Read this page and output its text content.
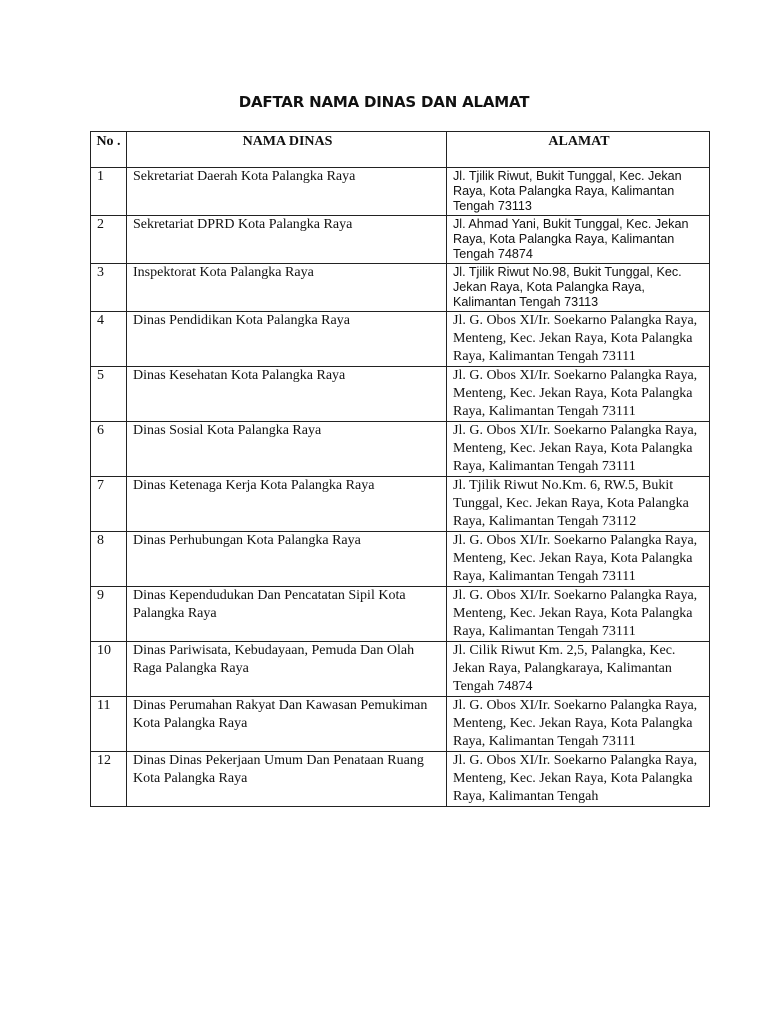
DAFTAR NAMA DINAS DAN ALAMAT
No .	NAMA DINAS	ALAMAT
1	Sekretariat Daerah Kota Palangka Raya	Jl. Tjilik Riwut, Bukit Tunggal, Kec. Jekan Raya, Kota Palangka Raya, Kalimantan Tengah 73113
2	Sekretariat DPRD Kota Palangka Raya	Jl. Ahmad Yani, Bukit Tunggal, Kec. Jekan Raya, Kota Palangka Raya, Kalimantan Tengah 74874
3	Inspektorat Kota Palangka Raya	Jl. Tjilik Riwut No.98, Bukit Tunggal, Kec. Jekan Raya, Kota Palangka Raya, Kalimantan Tengah 73113
4	Dinas Pendidikan Kota Palangka Raya	Jl. G. Obos XI/Ir. Soekarno Palangka Raya, Menteng, Kec. Jekan Raya, Kota Palangka Raya, Kalimantan Tengah 73111
5	Dinas Kesehatan Kota Palangka Raya	Jl. G. Obos XI/Ir. Soekarno Palangka Raya, Menteng, Kec. Jekan Raya, Kota Palangka Raya, Kalimantan Tengah 73111
6	Dinas Sosial Kota Palangka Raya	Jl. G. Obos XI/Ir. Soekarno Palangka Raya, Menteng, Kec. Jekan Raya, Kota Palangka Raya, Kalimantan Tengah 73111
7	Dinas Ketenaga Kerja Kota Palangka Raya	Jl. Tjilik Riwut No.Km. 6, RW.5, Bukit Tunggal, Kec. Jekan Raya, Kota Palangka Raya, Kalimantan Tengah 73112
8	Dinas Perhubungan Kota Palangka Raya	Jl. G. Obos XI/Ir. Soekarno Palangka Raya, Menteng, Kec. Jekan Raya, Kota Palangka Raya, Kalimantan Tengah 73111
9	Dinas Kependudukan Dan Pencatatan Sipil Kota Palangka Raya	Jl. G. Obos XI/Ir. Soekarno Palangka Raya, Menteng, Kec. Jekan Raya, Kota Palangka Raya, Kalimantan Tengah 73111
10	Dinas Pariwisata, Kebudayaan, Pemuda Dan Olah Raga Palangka Raya	Jl. Cilik Riwut Km. 2,5, Palangka, Kec. Jekan Raya, Palangkaraya, Kalimantan Tengah 74874
11	Dinas Perumahan Rakyat Dan Kawasan Pemukiman Kota Palangka Raya	Jl. G. Obos XI/Ir. Soekarno Palangka Raya, Menteng, Kec. Jekan Raya, Kota Palangka Raya, Kalimantan Tengah 73111
12	Dinas Dinas Pekerjaan Umum Dan Penataan Ruang Kota Palangka Raya	Jl. G. Obos XI/Ir. Soekarno Palangka Raya, Menteng, Kec. Jekan Raya, Kota Palangka Raya, Kalimantan Tengah
